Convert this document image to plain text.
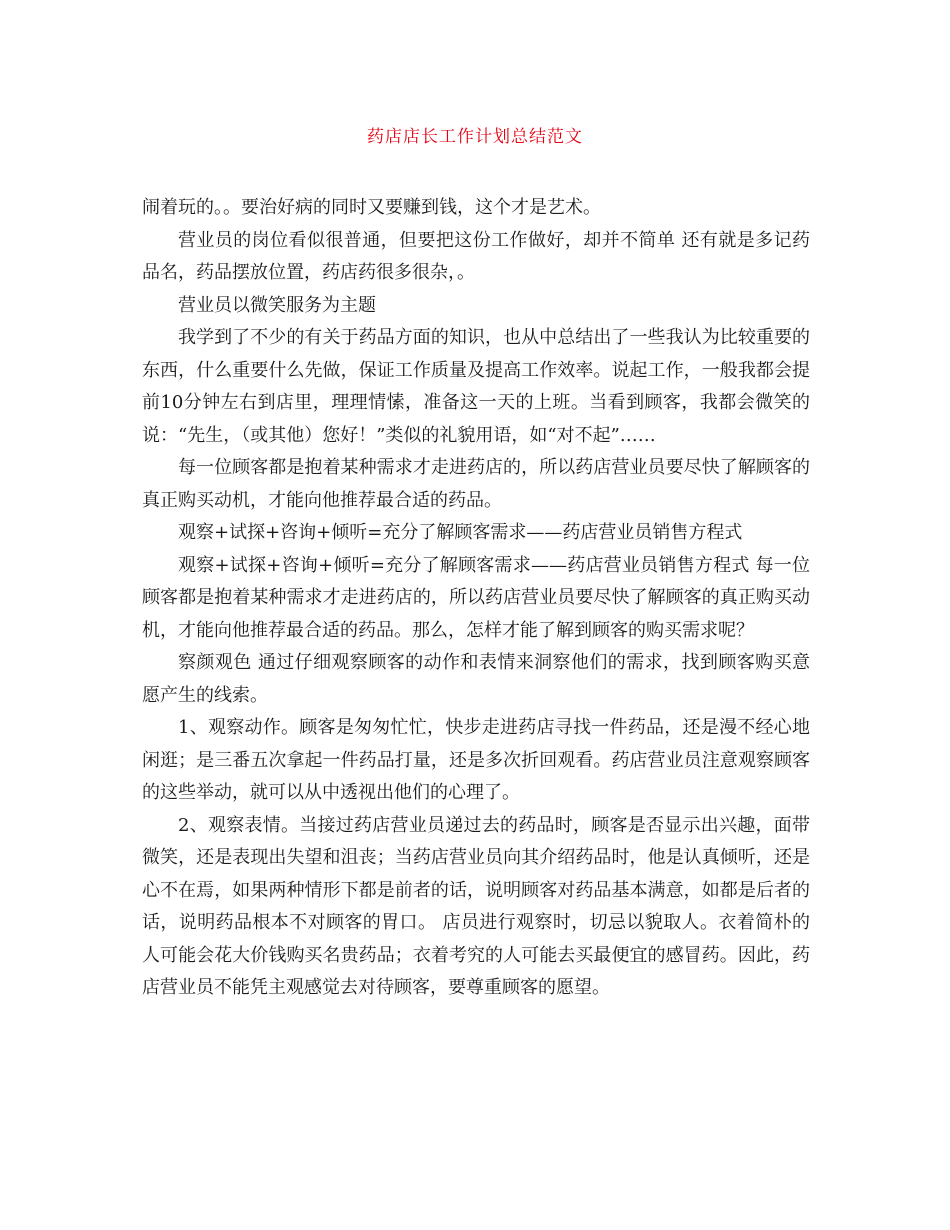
药店店长工作计划总结范文

闹着玩的。。要治好病的同时又要赚到钱，这个才是艺术。

营业员的岗位看似很普通，但要把这份工作做好，却并不简单 还有就是多记药品名，药品摆放位置，药店药很多很杂，。

营业员以微笑服务为主题

我学到了不少的有关于药品方面的知识，也从中总结出了一些我认为比较重要的东西，什么重要什么先做，保证工作质量及提高工作效率。说起工作，一般我都会提前10分钟左右到店里，理理情愫，准备这一天的上班。当看到顾客，我都会微笑的说：“先生，（或其他）您好！”类似的礼貌用语，如“对不起”……

每一位顾客都是抱着某种需求才走进药店的，所以药店营业员要尽快了解顾客的真正购买动机，才能向他推荐最合适的药品。

观察+试探+咨询+倾听=充分了解顾客需求——药店营业员销售方程式

观察+试探+咨询+倾听=充分了解顾客需求——药店营业员销售方程式 每一位顾客都是抱着某种需求才走进药店的，所以药店营业员要尽快了解顾客的真正购买动机，才能向他推荐最合适的药品。那么，怎样才能了解到顾客的购买需求呢？

察颜观色 通过仔细观察顾客的动作和表情来洞察他们的需求，找到顾客购买意愿产生的线索。

1、观察动作。顾客是匆匆忙忙，快步走进药店寻找一件药品，还是漫不经心地闲逛；是三番五次拿起一件药品打量，还是多次折回观看。药店营业员注意观察顾客的这些举动，就可以从中透视出他们的心理了。

2、观察表情。当接过药店营业员递过去的药品时，顾客是否显示出兴趣，面带微笑，还是表现出失望和沮丧；当药店营业员向其介绍药品时，他是认真倾听，还是心不在焉，如果两种情形下都是前者的话，说明顾客对药品基本满意，如都是后者的话，说明药品根本不对顾客的胃口。 店员进行观察时，切忌以貌取人。衣着简朴的人可能会花大价钱购买名贵药品；衣着考究的人可能去买最便宜的感冒药。因此，药店营业员不能凭主观感觉去对待顾客，要尊重顾客的愿望。
